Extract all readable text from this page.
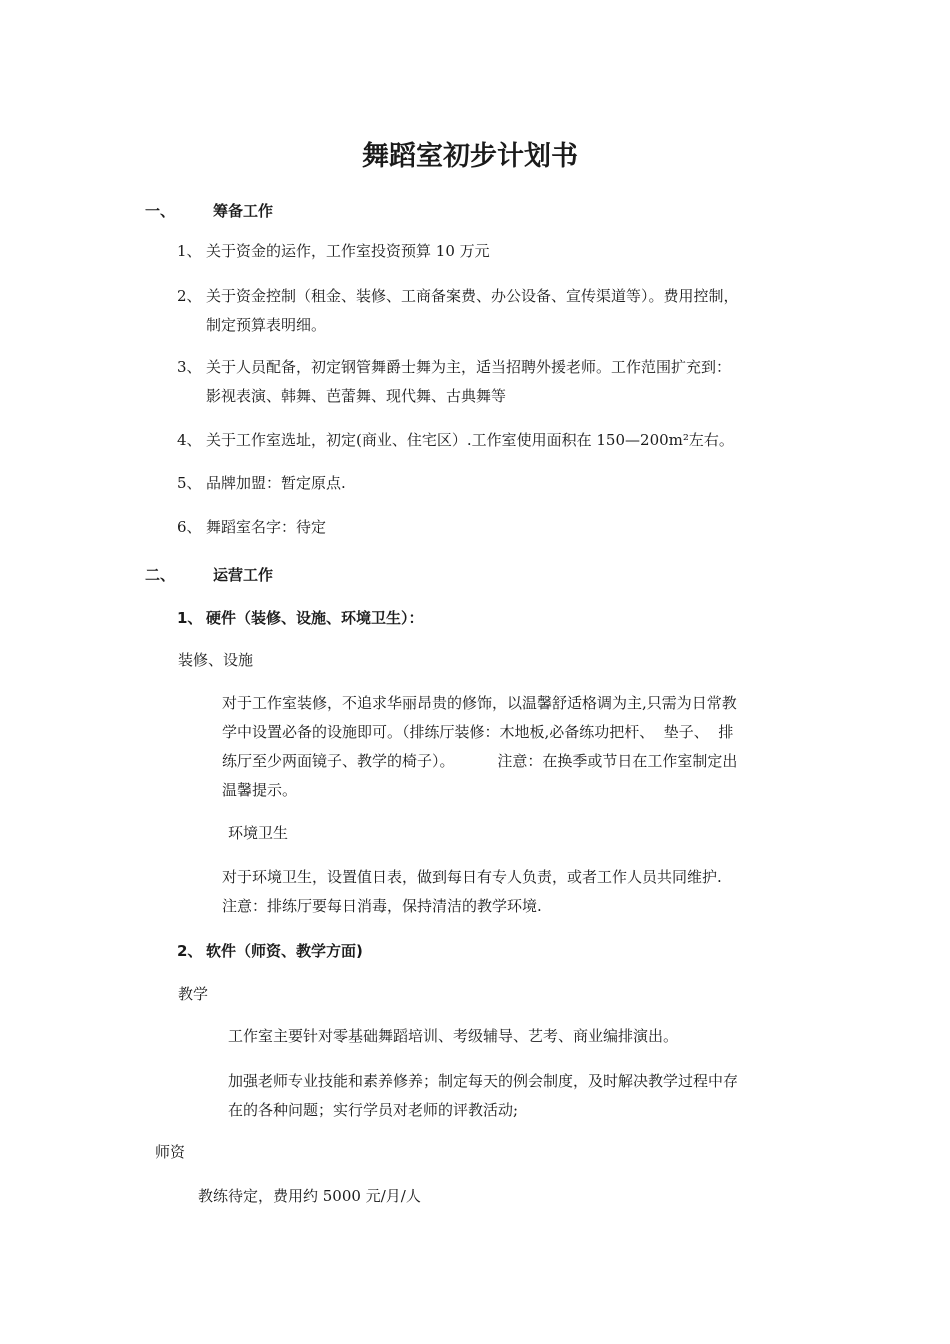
舞蹈室初步计划书
一、	筹备工作
1、 关于资金的运作，工作室投资预算 10 万元
2、 关于资金控制（租金、装修、工商备案费、办公设备、宣传渠道等）。费用控制，
制定预算表明细。
3、 关于人员配备，初定钢管舞爵士舞为主，适当招聘外援老师。工作范围扩充到：
影视表演、韩舞、芭蕾舞、现代舞、古典舞等
4、 关于工作室选址，初定(商业、住宅区）.工作室使用面积在 150—200m²左右。
5、 品牌加盟：暂定原点.
6、 舞蹈室名字：待定
二、	运营工作
1、 硬件（装修、设施、环境卫生）：
装修、设施
对于工作室装修，不追求华丽昂贵的修饰，以温馨舒适格调为主,只需为日常教
学中设置必备的设施即可。（排练厅装修：木地板,必备练功把杆、  垫子、  排
练厅至少两面镜子、教学的椅子）。         注意：在换季或节日在工作室制定出
温馨提示。
环境卫生
对于环境卫生，设置值日表，做到每日有专人负责，或者工作人员共同维护.
注意：排练厅要每日消毒，保持清洁的教学环境.
2、 软件（师资、教学方面)
教学
工作室主要针对零基础舞蹈培训、考级辅导、艺考、商业编排演出。
加强老师专业技能和素养修养；制定每天的例会制度，及时解决教学过程中存
在的各种问题；实行学员对老师的评教活动;
师资
教练待定，费用约 5000 元/月/人
